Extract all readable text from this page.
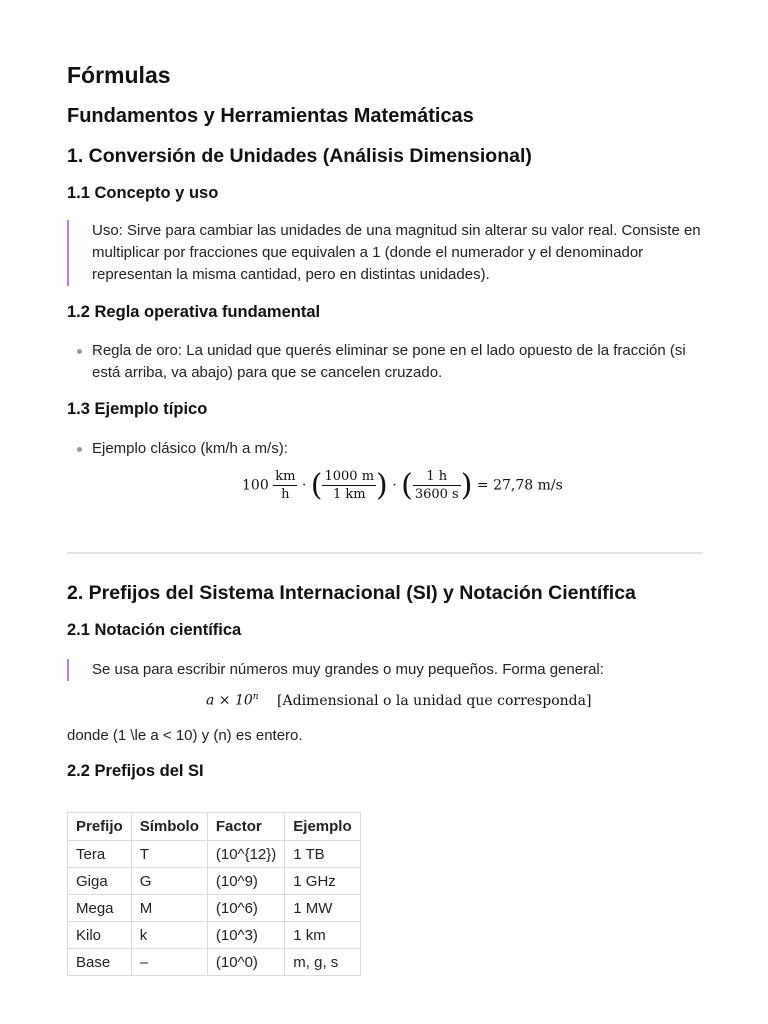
Fórmulas
Fundamentos y Herramientas Matemáticas
1. Conversión de Unidades (Análisis Dimensional)
1.1 Concepto y uso
Uso: Sirve para cambiar las unidades de una magnitud sin alterar su valor real. Consiste en multiplicar por fracciones que equivalen a 1 (donde el numerador y el denominador representan la misma cantidad, pero en distintas unidades).
1.2 Regla operativa fundamental
Regla de oro: La unidad que querés eliminar se pone en el lado opuesto de la fracción (si está arriba, va abajo) para que se cancelen cruzado.
1.3 Ejemplo típico
Ejemplo clásico (km/h a m/s):
$100 \frac{km}{h}$ · ( $\frac{1000 m}{1 km}$ ) · ( $\frac{1 h}{3600 s}$ ) = 27,78 m/s
2. Prefijos del Sistema Internacional (SI) y Notación Científica
2.1 Notación científica
Se usa para escribir números muy grandes o muy pequeños. Forma general:
$a \times 10^n$ [Adimensional o la unidad que corresponda]
donde (1 \le a < 10) y (n) es entero.
2.2 Prefijos del SI
Prefijo	Símbolo	Factor	Ejemplo
Tera	T	(10^{12})	1 TB
Giga	G	(10^9)	1 GHz
Mega	M	(10^6)	1 MW
Kilo	k	(10^3)	1 km
Base	–	(10^0)	m, g, s
